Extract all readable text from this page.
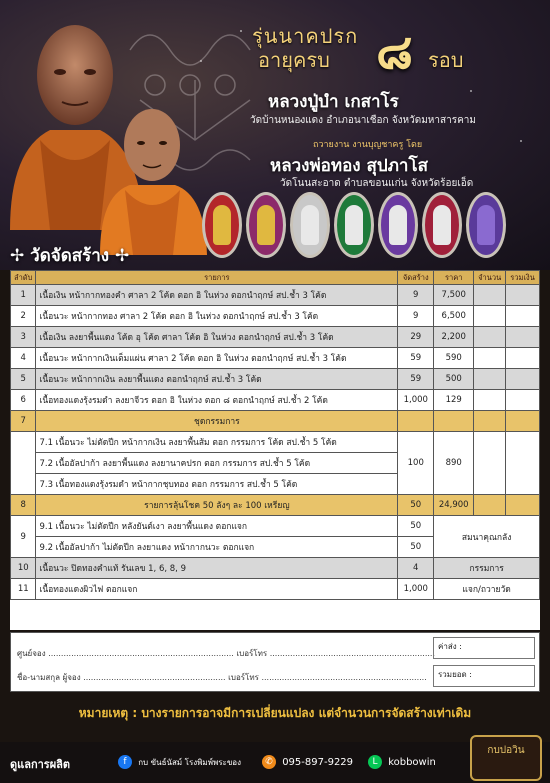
รุ่นนาคปรก
อายุครบ ๘ รอบ
หลวงปู่บำ เกสาโร
วัดบ้านหนองแดง อำเภอนาเชือก จังหวัดมหาสารคาม
ถวายงาน งานบุญชาครู โดย
หลวงพ่อทอง สุปภาโส
วัดโนนสะอาด ตำบลขอนแก่น จังหวัดร้อยเอ็ด
✢ วัดจัดสร้าง ✢
ลำดับ	รายการ	จัดสร้าง	ราคา	จำนวน	รวมเงิน
1	เนื้อเงิน หน้ากากทองคำ ศาลา 2 โค้ด ตอก อิ ในห่วง ตอกนำฤกษ์ สป.ช้ำ 3 โค้ด	9	7,500		
2	เนื้อนวะ หน้ากากทอง ศาลา 2 โค้ด ตอก อิ ในห่วง ตอกนำฤกษ์ สป.ช้ำ 3 โค้ด	9	6,500		
3	เนื้อเงิน ลงยาพื้นแดง โค้ด อุ โค้ด ศาลา โค้ด อิ ในห่วง ตอกนำฤกษ์ สป.ช้ำ 3 โค้ด	29	2,200		
4	เนื้อนวะ หน้ากากเงินเต็มแผ่น ศาลา 2 โค้ด ตอก อิ ในห่วง ตอกนำฤกษ์ สป.ช้ำ 3 โค้ด	59	590		
5	เนื้อนวะ หน้ากากเงิน ลงยาพื้นแดง ตอกนำฤกษ์ สป.ช้ำ 3 โค้ด	59	500		
6	เนื้อทองแดงรุ้งรมดำ ลงยาจีวร ตอก อิ ในห่วง ตอก ๘ ตอกนำฤกษ์ สป.ช้ำ 2 โค้ด	1,000	129		
7	ชุดกรรมการ				
	7.1 เนื้อนวะ ไม่ตัดปีก หน้ากากเงิน ลงยาพื้นส้ม ตอก กรรมการ โค้ด สป.ช้ำ 5 โค้ด	100	890		
	7.2 เนื้ออัลปาก้า ลงยาพื้นแดง ลงยานาคปรก ตอก กรรมการ สป.ช้ำ 5 โค้ด				
	7.3 เนื้อทองแดงรุ้งรมดำ หน้ากากชุบทอง ตอก กรรมการ สป.ช้ำ 5 โค้ด				
8	รายการลุ้นโชค 50 ลังๆ ละ 100 เหรียญ	50	24,900		
9	9.1 เนื้อนวะ ไม่ตัดปีก หลังยันต์เงา ลงยาพื้นแดง ตอกแจก	50	สมนาคุณกลัง		
	9.2 เนื้ออัลปาก้า ไม่ตัดปีก ลงยาแดง หน้ากากนวะ ตอกแจก	50			
10	เนื้อนวะ ปิดทองคำแท้ รันเลข 1, 6, 8, 9	4	กรรมการ		
11	เนื้อทองแดงผิวไฟ ตอกแจก	1,000	แจก/ถวายวัด		
ศูนย์จอง ......................................................................... เบอร์โทร .................................................................
ชื่อ-นามสกุล ผู้จอง ........................................................ เบอร์โทร .................................................................
ค่าส่ง :
รวมยอด :
หมายเหตุ : บางรายการอาจมีการเปลี่ยนแปลง แต่จำนวนการจัดสร้างเท่าเดิม
ดูแลการผลิต	f กบ ขันธ์นัสม์ โรงพิมพ์พระของ	✆ 095-897-9229	L kobbowin
กบปอวิน
